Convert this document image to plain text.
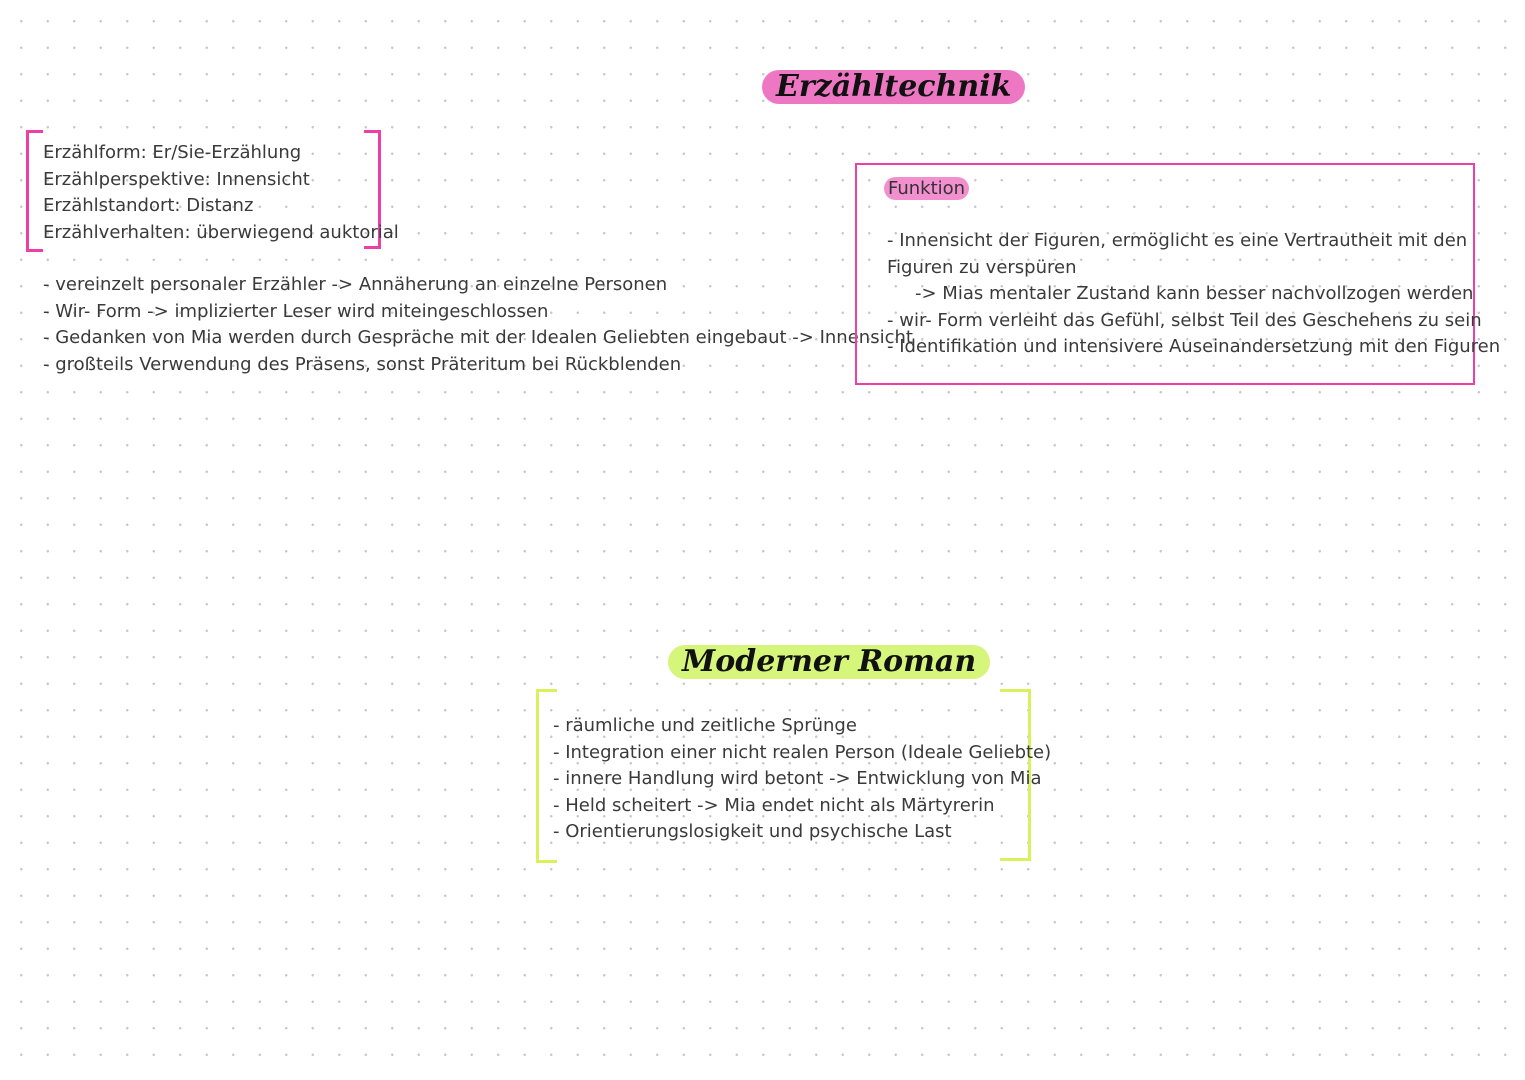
Erzähltechnik
Moderner Roman
Erzählform: Er/Sie-Erzählung
Erzählperspektive: Innensicht
Erzählstandort: Distanz
Erzählverhalten: überwiegend auktorial
- vereinzelt personaler Erzähler -> Annäherung an einzelne Personen
- Wir- Form -> implizierter Leser wird miteingeschlossen
- Gedanken von Mia werden durch Gespräche mit der Idealen Geliebten eingebaut -> Innensicht
- großteils Verwendung des Präsens, sonst Präteritum bei Rückblenden
Funktion
- Innensicht der Figuren, ermöglicht es eine Vertrautheit mit den
Figuren zu verspüren
-> Mias mentaler Zustand kann besser nachvollzogen werden
- wir- Form verleiht das Gefühl, selbst Teil des Geschehens zu sein
- Identifikation und intensivere Auseinandersetzung mit den Figuren
- räumliche und zeitliche Sprünge
- Integration einer nicht realen Person (Ideale Geliebte)
- innere Handlung wird betont -> Entwicklung von Mia
- Held scheitert -> Mia endet nicht als Märtyrerin
- Orientierungslosigkeit und psychische Last
